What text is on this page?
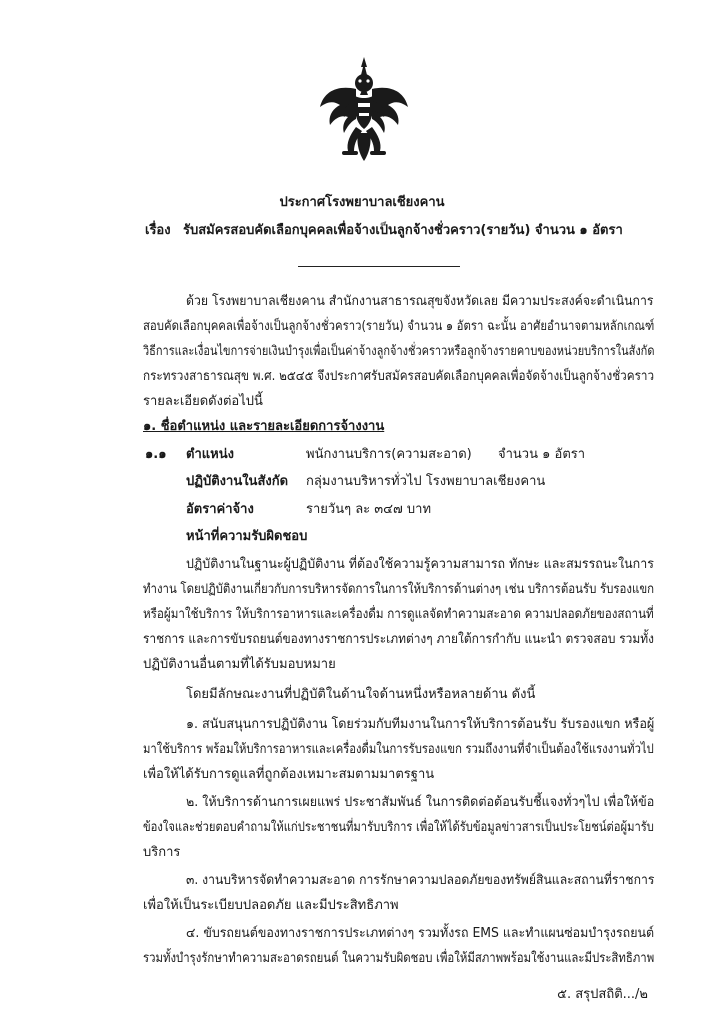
ประกาศโรงพยาบาลเชียงคาน
เรื่อง รับสมัครสอบคัดเลือกบุคคลเพื่อจ้างเป็นลูกจ้างชั่วคราว(รายวัน) จำนวน ๑ อัตรา
ด้วย โรงพยาบาลเชียงคาน สำนักงานสาธารณสุขจังหวัดเลย มีความประสงค์จะดำเนินการ
สอบคัดเลือกบุคคลเพื่อจ้างเป็นลูกจ้างชั่วคราว(รายวัน) จำนวน ๑ อัตรา ฉะนั้น อาศัยอำนาจตามหลักเกณฑ์
วิธีการและเงื่อนไขการจ่ายเงินบำรุงเพื่อเป็นค่าจ้างลูกจ้างชั่วคราวหรือลูกจ้างรายคาบของหน่วยบริการในสังกัด
กระทรวงสาธารณสุข พ.ศ. ๒๕๔๕ จึงประกาศรับสมัครสอบคัดเลือกบุคคลเพื่อจัดจ้างเป็นลูกจ้างชั่วคราว
รายละเอียดดังต่อไปนี้
๑. ชื่อตำแหน่ง และรายละเอียดการจ้างงาน
๑.๑ ตำแหน่ง	พนักงานบริการ(ความสะอาด) จำนวน ๑ อัตรา
ปฏิบัติงานในสังกัด กลุ่มงานบริหารทั่วไป โรงพยาบาลเชียงคาน
อัตราค่าจ้าง	รายวันๆ ละ ๓๔๗ บาท
หน้าที่ความรับผิดชอบ
ปฏิบัติงานในฐานะผู้ปฏิบัติงาน ที่ต้องใช้ความรู้ความสามารถ ทักษะ และสมรรถนะในการ
ทำงาน โดยปฏิบัติงานเกี่ยวกับการบริหารจัดการในการให้บริการด้านต่างๆ เช่น บริการต้อนรับ รับรองแขก
หรือผู้มาใช้บริการ ให้บริการอาหารและเครื่องดื่ม การดูแลจัดทำความสะอาด ความปลอดภัยของสถานที่
ราชการ และการขับรถยนต์ของทางราชการประเภทต่างๆ ภายใต้การกำกับ แนะนำ ตรวจสอบ รวมทั้ง
ปฏิบัติงานอื่นตามที่ได้รับมอบหมาย
โดยมีลักษณะงานที่ปฏิบัติในด้านใจด้านหนึ่งหรือหลายด้าน ดังนี้
๑. สนับสนุนการปฏิบัติงาน โดยร่วมกับทีมงานในการให้บริการต้อนรับ รับรองแขก หรือผู้
มาใช้บริการ พร้อมให้บริการอาหารและเครื่องดื่มในการรับรองแขก รวมถึงงานที่จำเป็นต้องใช้แรงงานทั่วไป
เพื่อให้ได้รับการดูแลที่ถูกต้องเหมาะสมตามมาตรฐาน
๒. ให้บริการด้านการเผยแพร่ ประชาสัมพันธ์ ในการติดต่อต้อนรับชี้แจงทั่วๆไป เพื่อให้ข้อ
ข้องใจและช่วยตอบคำถามให้แก่ประชาชนที่มารับบริการ เพื่อให้ได้รับข้อมูลข่าวสารเป็นประโยชน์ต่อผู้มารับ
บริการ
๓. งานบริหารจัดทำความสะอาด การรักษาความปลอดภัยของทรัพย์สินและสถานที่ราชการ
เพื่อให้เป็นระเบียบปลอดภัย และมีประสิทธิภาพ
๔. ขับรถยนต์ของทางราชการประเภทต่างๆ รวมทั้งรถ EMS และทำแผนซ่อมบำรุงรถยนต์
รวมทั้งบำรุงรักษาทำความสะอาดรถยนต์ ในความรับผิดชอบ เพื่อให้มีสภาพพร้อมใช้งานและมีประสิทธิภาพ
๕. สรุปสถิติ.../๒
